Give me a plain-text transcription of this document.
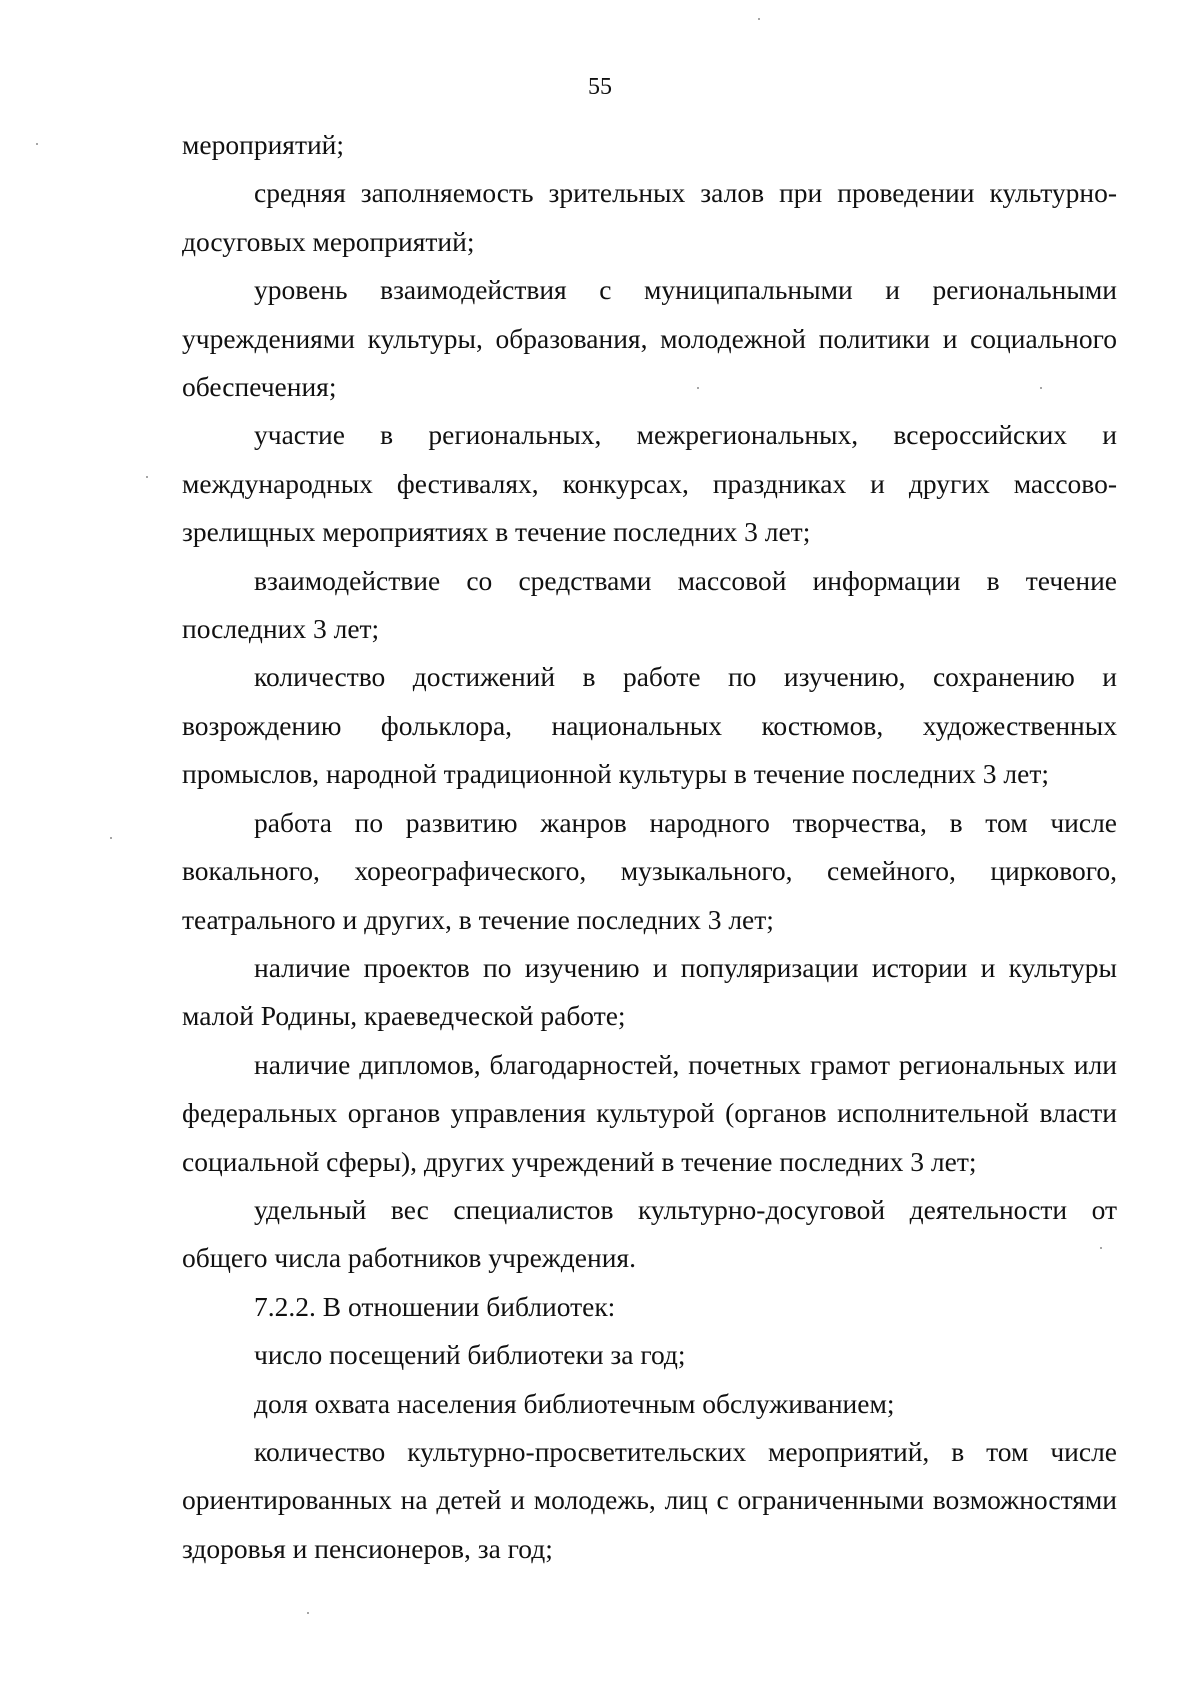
55

мероприятий;

средняя заполняемость зрительных залов при проведении культурно-досуговых мероприятий;

уровень взаимодействия с муниципальными и региональными учреждениями культуры, образования, молодежной политики и социального обеспечения;

участие в региональных, межрегиональных, всероссийских и международных фестивалях, конкурсах, праздниках и других массово-зрелищных мероприятиях в течение последних 3 лет;

взаимодействие со средствами массовой информации в течение последних 3 лет;

количество достижений в работе по изучению, сохранению и возрождению фольклора, национальных костюмов, художественных промыслов, народной традиционной культуры в течение последних 3 лет;

работа по развитию жанров народного творчества, в том числе вокального, хореографического, музыкального, семейного, циркового, театрального и других, в течение последних 3 лет;

наличие проектов по изучению и популяризации истории и культуры малой Родины, краеведческой работе;

наличие дипломов, благодарностей, почетных грамот региональных или федеральных органов управления культурой (органов исполнительной власти социальной сферы), других учреждений в течение последних 3 лет;

удельный вес специалистов культурно-досуговой деятельности от общего числа работников учреждения.

7.2.2. В отношении библиотек:

число посещений библиотеки за год;

доля охвата населения библиотечным обслуживанием;

количество культурно-просветительских мероприятий, в том числе ориентированных на детей и молодежь, лиц с ограниченными возможностями здоровья и пенсионеров, за год;
